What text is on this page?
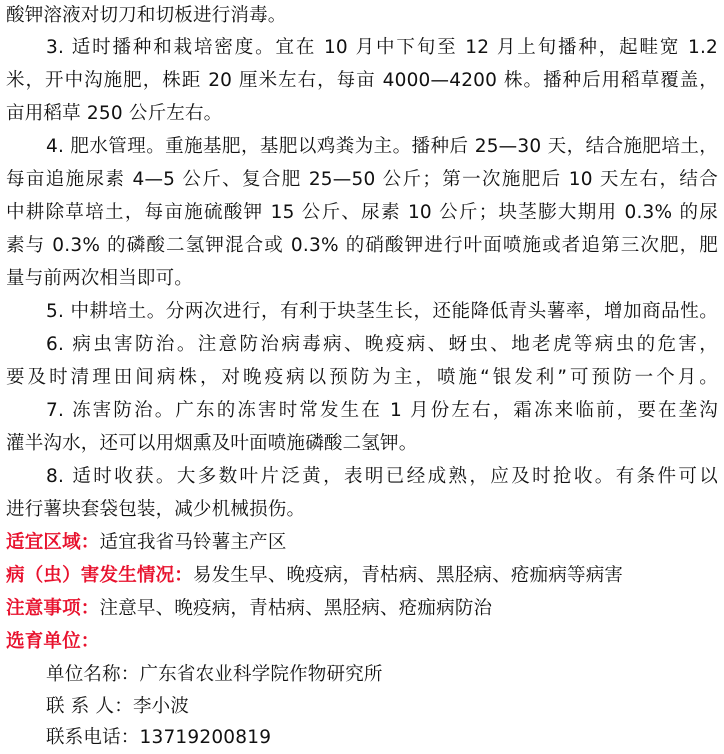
酸钾溶液对切刀和切板进行消毒。
3. 适时播种和栽培密度。宜在 10 月中下旬至 12 月上旬播种，起畦宽 1.2
米，开中沟施肥，株距 20 厘米左右，每亩 4000—4200 株。播种后用稻草覆盖，
亩用稻草 250 公斤左右。
4. 肥水管理。重施基肥，基肥以鸡粪为主。播种后 25—30 天，结合施肥培土，
每亩追施尿素 4—5 公斤、复合肥 25—50 公斤；第一次施肥后 10 天左右，结合
中耕除草培土，每亩施硫酸钾 15 公斤、尿素 10 公斤；块茎膨大期用 0.3% 的尿
素与 0.3% 的磷酸二氢钾混合或 0.3% 的硝酸钾进行叶面喷施或者追第三次肥，肥
量与前两次相当即可。
5. 中耕培土。分两次进行，有利于块茎生长，还能降低青头薯率，增加商品性。
6. 病虫害防治。注意防治病毒病、晚疫病、蚜虫、地老虎等病虫的危害，
要及时清理田间病株，对晚疫病以预防为主，喷施“银发利”可预防一个月。
7. 冻害防治。广东的冻害时常发生在 1 月份左右，霜冻来临前，要在垄沟
灌半沟水，还可以用烟熏及叶面喷施磷酸二氢钾。
8. 适时收获。大多数叶片泛黄，表明已经成熟，应及时抢收。有条件可以
进行薯块套袋包装，减少机械损伤。
适宜区域：适宜我省马铃薯主产区
病（虫）害发生情况：易发生早、晚疫病，青枯病、黑胫病、疮痂病等病害
注意事项：注意早、晚疫病，青枯病、黑胫病、疮痂病防治
选育单位：
单位名称：广东省农业科学院作物研究所
联 系 人：李小波
联系电话：13719200819
